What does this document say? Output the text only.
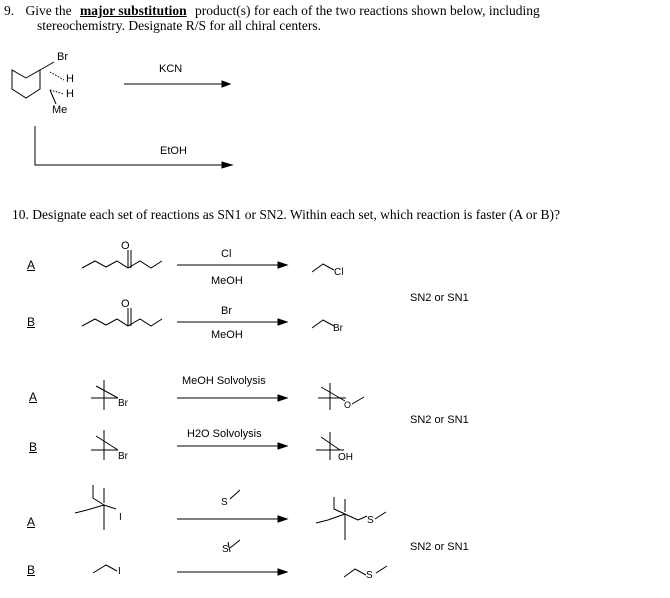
9. Give the major substitution product(s) for each of the two reactions shown below, including
stereochemistry. Designate R/S for all chiral centers.
Br
H
H
Me
KCN
EtOH
10. Designate each set of reactions as SN1 or SN2. Within each set, which reaction is faster (A or B)?
A
O
Cl
MeOH
Cl
B
O
Br
MeOH
Br
SN2 or SN1
A	Br
MeOH Solvolysis
O
B
Br
H2O Solvolysis
OH
SN2 or SN1
A	I
S
S
B	I
S
S
SN2 or SN1
